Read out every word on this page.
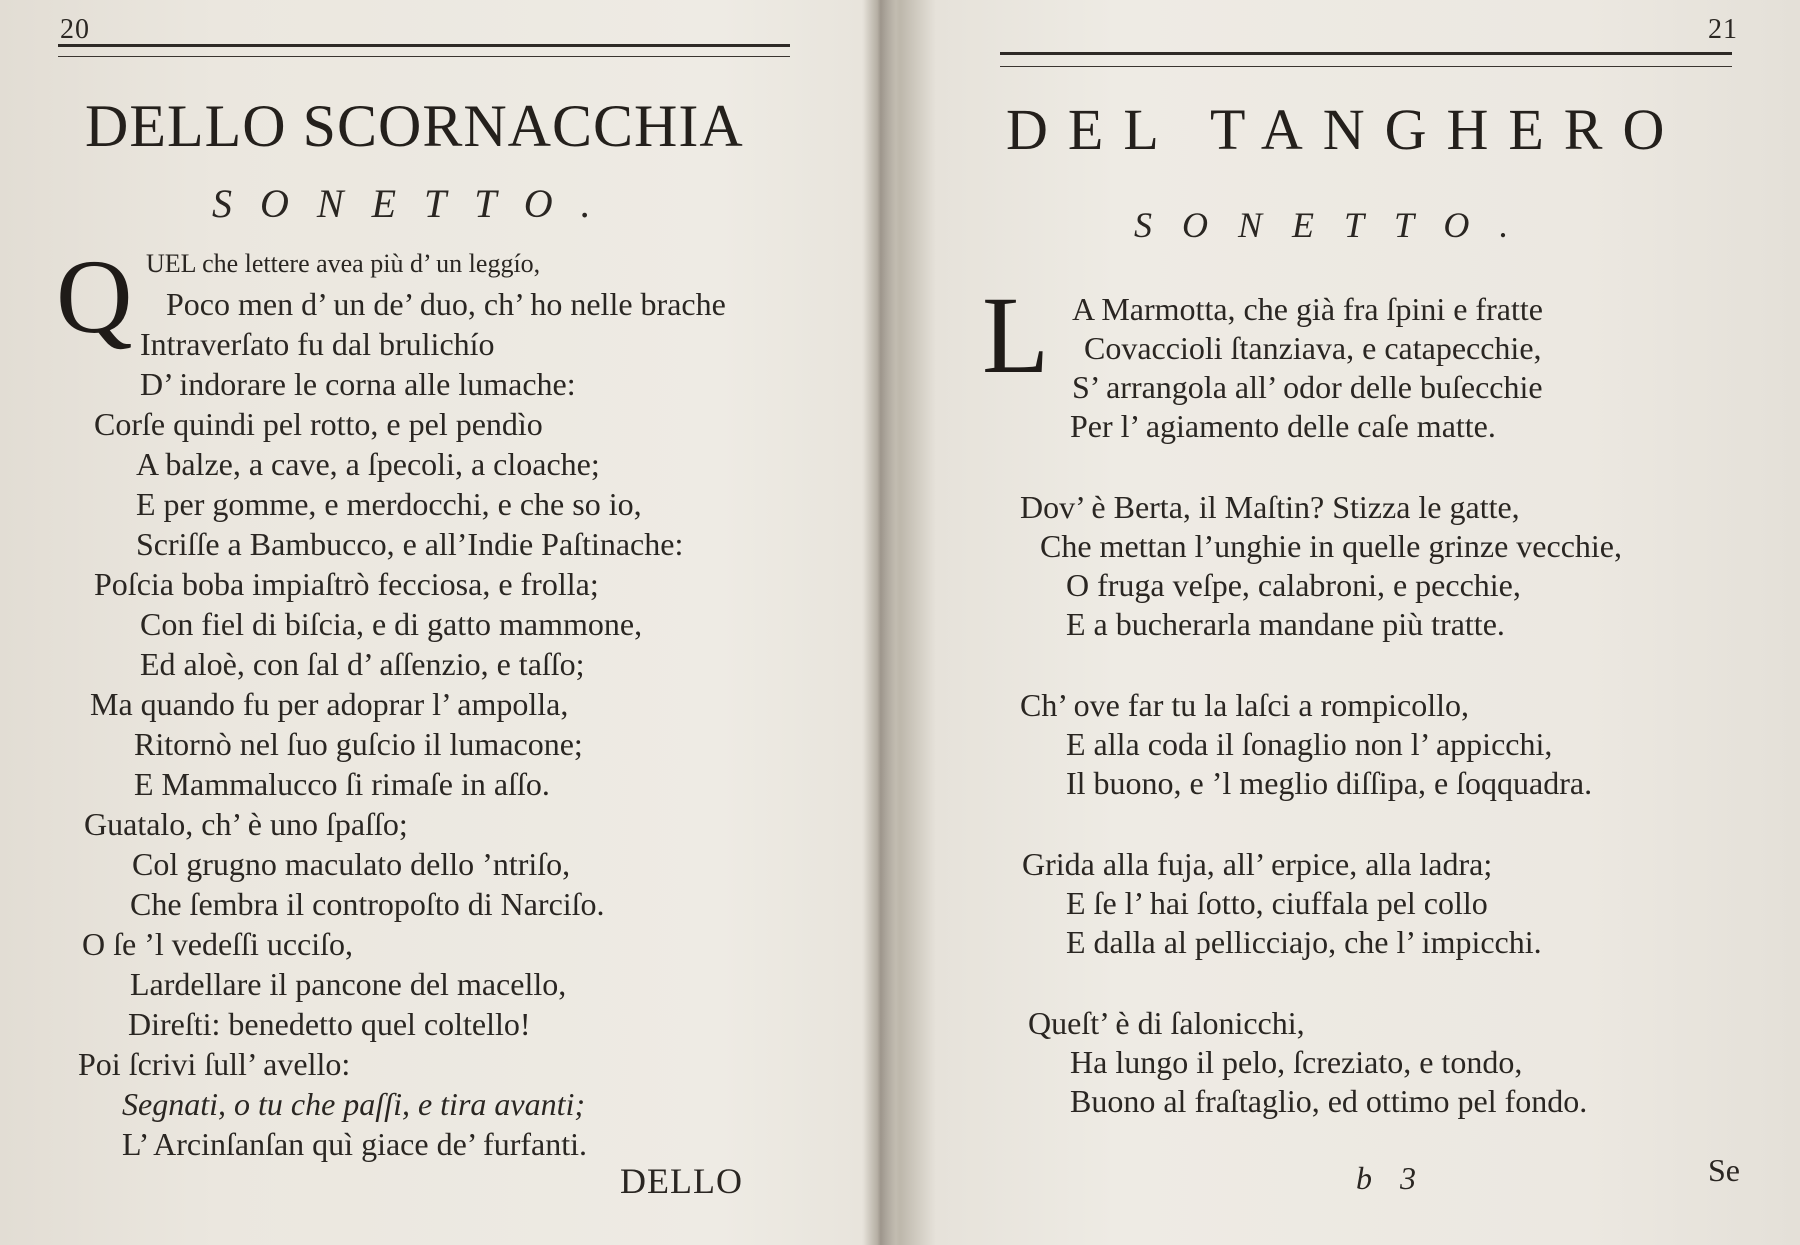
20
DELLO SCORNACCHIA
SONETTO.
Q UEL che lettere avea più d’ un leggío,
Poco men d’ un de’ duo, ch’ ho nelle brache
Intraverſato fu dal brulichío
D’ indorare le corna alle lumache:
Corſe quindi pel rotto, e pel pendìo
A balze, a cave, a ſpecoli, a cloache;
E per gomme, e merdocchi, e che so io,
Scriſſe a Bambucco, e all’Indie Paſtinache:
Poſcia boba impiaſtrò fecciosa, e frolla;
Con fiel di biſcia, e di gatto mammone,
Ed aloè, con ſal d’ aſſenzio, e taſſo;
Ma quando fu per adoprar l’ ampolla,
Ritornò nel ſuo guſcio il lumacone;
E Mammalucco ſi rimaſe in aſſo.
Guatalo, ch’ è uno ſpaſſo;
Col grugno maculato dello ’ntriſo,
Che ſembra il contropoſto di Narciſo.
O ſe ’l vedeſſi ucciſo,
Lardellare il pancone del macello,
Direſti: benedetto quel coltello!
Poi ſcrivi ſull’ avello:
Segnati, o tu che paſſi, e tira avanti;
L’ Arcinſanſan quì giace de’ furfanti.
DELLO
21
DEL TANGHERO
SONETTO.
L A Marmotta, che già fra ſpini e fratte
Covaccioli ſtanziava, e catapecchie,
S’ arrangola all’ odor delle buſecchie
Per l’ agiamento delle caſe matte.
Dov’ è Berta, il Maſtin? Stizza le gatte,
Che mettan l’unghie in quelle grinze vecchie,
O fruga veſpe, calabroni, e pecchie,
E a bucherarla mandane più tratte.
Ch’ ove far tu la laſci a rompicollo,
E alla coda il ſonaglio non l’ appicchi,
Il buono, e ’l meglio diſſipa, e ſoqquadra.
Grida alla fuja, all’ erpice, alla ladra;
E ſe l’ hai ſotto, ciuffala pel collo
E dalla al pellicciajo, che l’ impicchi.
Queſt’ è di ſalonicchi,
Ha lungo il pelo, ſcreziato, e tondo,
Buono al fraſtaglio, ed ottimo pel fondo.
b 3	Se
